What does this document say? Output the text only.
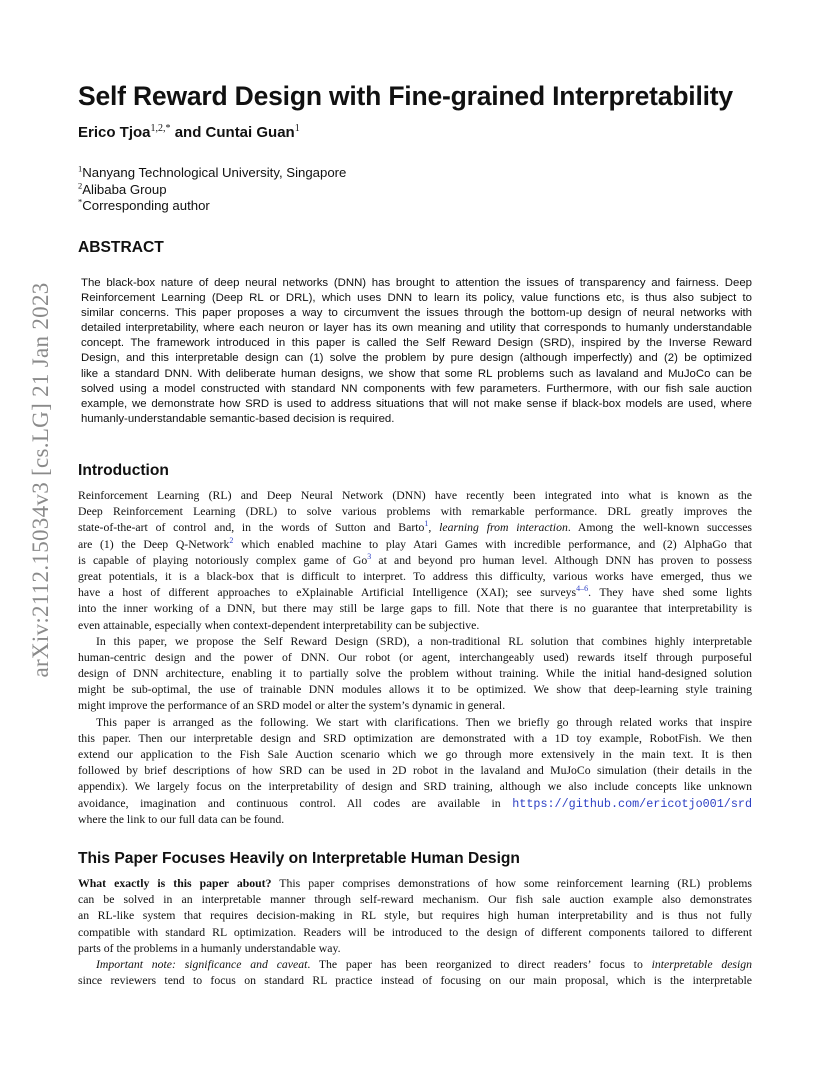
arXiv:2112.15034v3 [cs.LG] 21 Jan 2023
Self Reward Design with Fine-grained Interpretability
Erico Tjoa$^{1,2,*}$ and Cuntai Guan$^1$
$^1$Nanyang Technological University, Singapore
$^2$Alibaba Group
*Corresponding author
ABSTRACT
The black-box nature of deep neural networks (DNN) has brought to attention the issues of transparency and fairness. Deep
Reinforcement Learning (Deep RL or DRL), which uses DNN to learn its policy, value functions etc, is thus also subject to
similar concerns. This paper proposes a way to circumvent the issues through the bottom-up design of neural networks with
detailed interpretability, where each neuron or layer has its own meaning and utility that corresponds to humanly understandable
concept. The framework introduced in this paper is called the Self Reward Design (SRD), inspired by the Inverse Reward
Design, and this interpretable design can (1) solve the problem by pure design (although imperfectly) and (2) be optimized
like a standard DNN. With deliberate human designs, we show that some RL problems such as lavaland and MuJoCo can be
solved using a model constructed with standard NN components with few parameters. Furthermore, with our fish sale auction
example, we demonstrate how SRD is used to address situations that will not make sense if black-box models are used, where
humanly-understandable semantic-based decision is required.
Introduction
Reinforcement Learning (RL) and Deep Neural Network (DNN) have recently been integrated into what is known as the
Deep Reinforcement Learning (DRL) to solve various problems with remarkable performance. DRL greatly improves the
state-of-the-art of control and, in the words of Sutton and Barto$^1$, learning from interaction. Among the well-known successes
are (1) the Deep Q-Network$^2$ which enabled machine to play Atari Games with incredible performance, and (2) AlphaGo that
is capable of playing notoriously complex game of Go$^3$ at and beyond pro human level. Although DNN has proven to possess
great potentials, it is a black-box that is difficult to interpret. To address this difficulty, various works have emerged, thus we
have a host of different approaches to eXplainable Artificial Intelligence (XAI); see surveys$^{4-6}$. They have shed some lights
into the inner working of a DNN, but there may still be large gaps to fill. Note that there is no guarantee that interpretability is
even attainable, especially when context-dependent interpretability can be subjective.
In this paper, we propose the Self Reward Design (SRD), a non-traditional RL solution that combines highly interpretable
human-centric design and the power of DNN. Our robot (or agent, interchangeably used) rewards itself through purposeful
design of DNN architecture, enabling it to partially solve the problem without training. While the initial hand-designed solution
might be sub-optimal, the use of trainable DNN modules allows it to be optimized. We show that deep-learning style training
might improve the performance of an SRD model or alter the system’s dynamic in general.
This paper is arranged as the following. We start with clarifications. Then we briefly go through related works that inspire
this paper. Then our interpretable design and SRD optimization are demonstrated with a 1D toy example, RobotFish. We then
extend our application to the Fish Sale Auction scenario which we go through more extensively in the main text. It is then
followed by brief descriptions of how SRD can be used in 2D robot in the lavaland and MuJoCo simulation (their details in the
appendix). We largely focus on the interpretability of design and SRD training, although we also include concepts like unknown
avoidance, imagination and continuous control. All codes are available in https://github.com/ericotjo001/srd
where the link to our full data can be found.
This Paper Focuses Heavily on Interpretable Human Design
What exactly is this paper about? This paper comprises demonstrations of how some reinforcement learning (RL) problems
can be solved in an interpretable manner through self-reward mechanism. Our fish sale auction example also demonstrates
an RL-like system that requires decision-making in RL style, but requires high human interpretability and is thus not fully
compatible with standard RL optimization. Readers will be introduced to the design of different components tailored to different
parts of the problems in a humanly understandable way.
Important note: significance and caveat. The paper has been reorganized to direct readers’ focus to interpretable design
since reviewers tend to focus on standard RL practice instead of focusing on our main proposal, which is the interpretable
